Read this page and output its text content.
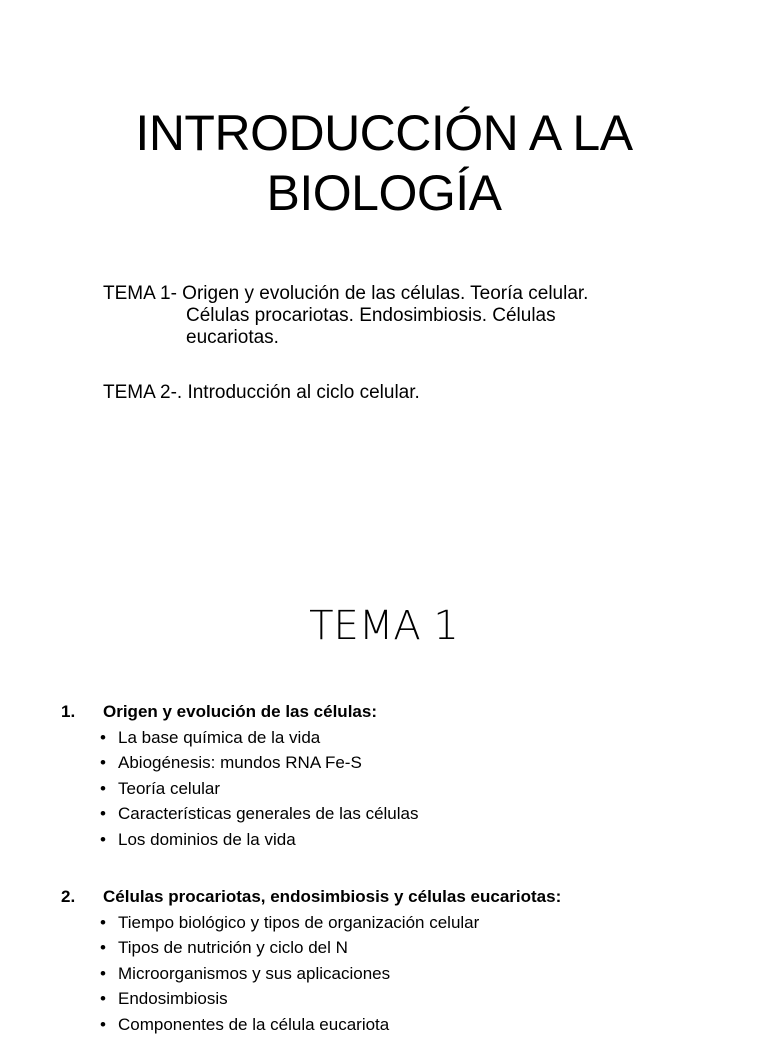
INTRODUCCIÓN A LA
BIOLOGÍA
TEMA 1- Origen y evolución de las células. Teoría celular.
Células procariotas. Endosimbiosis. Células
eucariotas.
TEMA 2-. Introducción al ciclo celular.
TEMA 1
1. Origen y evolución de las células:
• La base química de la vida
• Abiogénesis: mundos RNA Fe-S
• Teoría celular
• Características generales de las células
• Los dominios de la vida
2. Células procariotas, endosimbiosis y células eucariotas:
• Tiempo biológico y tipos de organización celular
• Tipos de nutrición y ciclo del N
• Microorganismos y sus aplicaciones
• Endosimbiosis
• Componentes de la célula eucariota
